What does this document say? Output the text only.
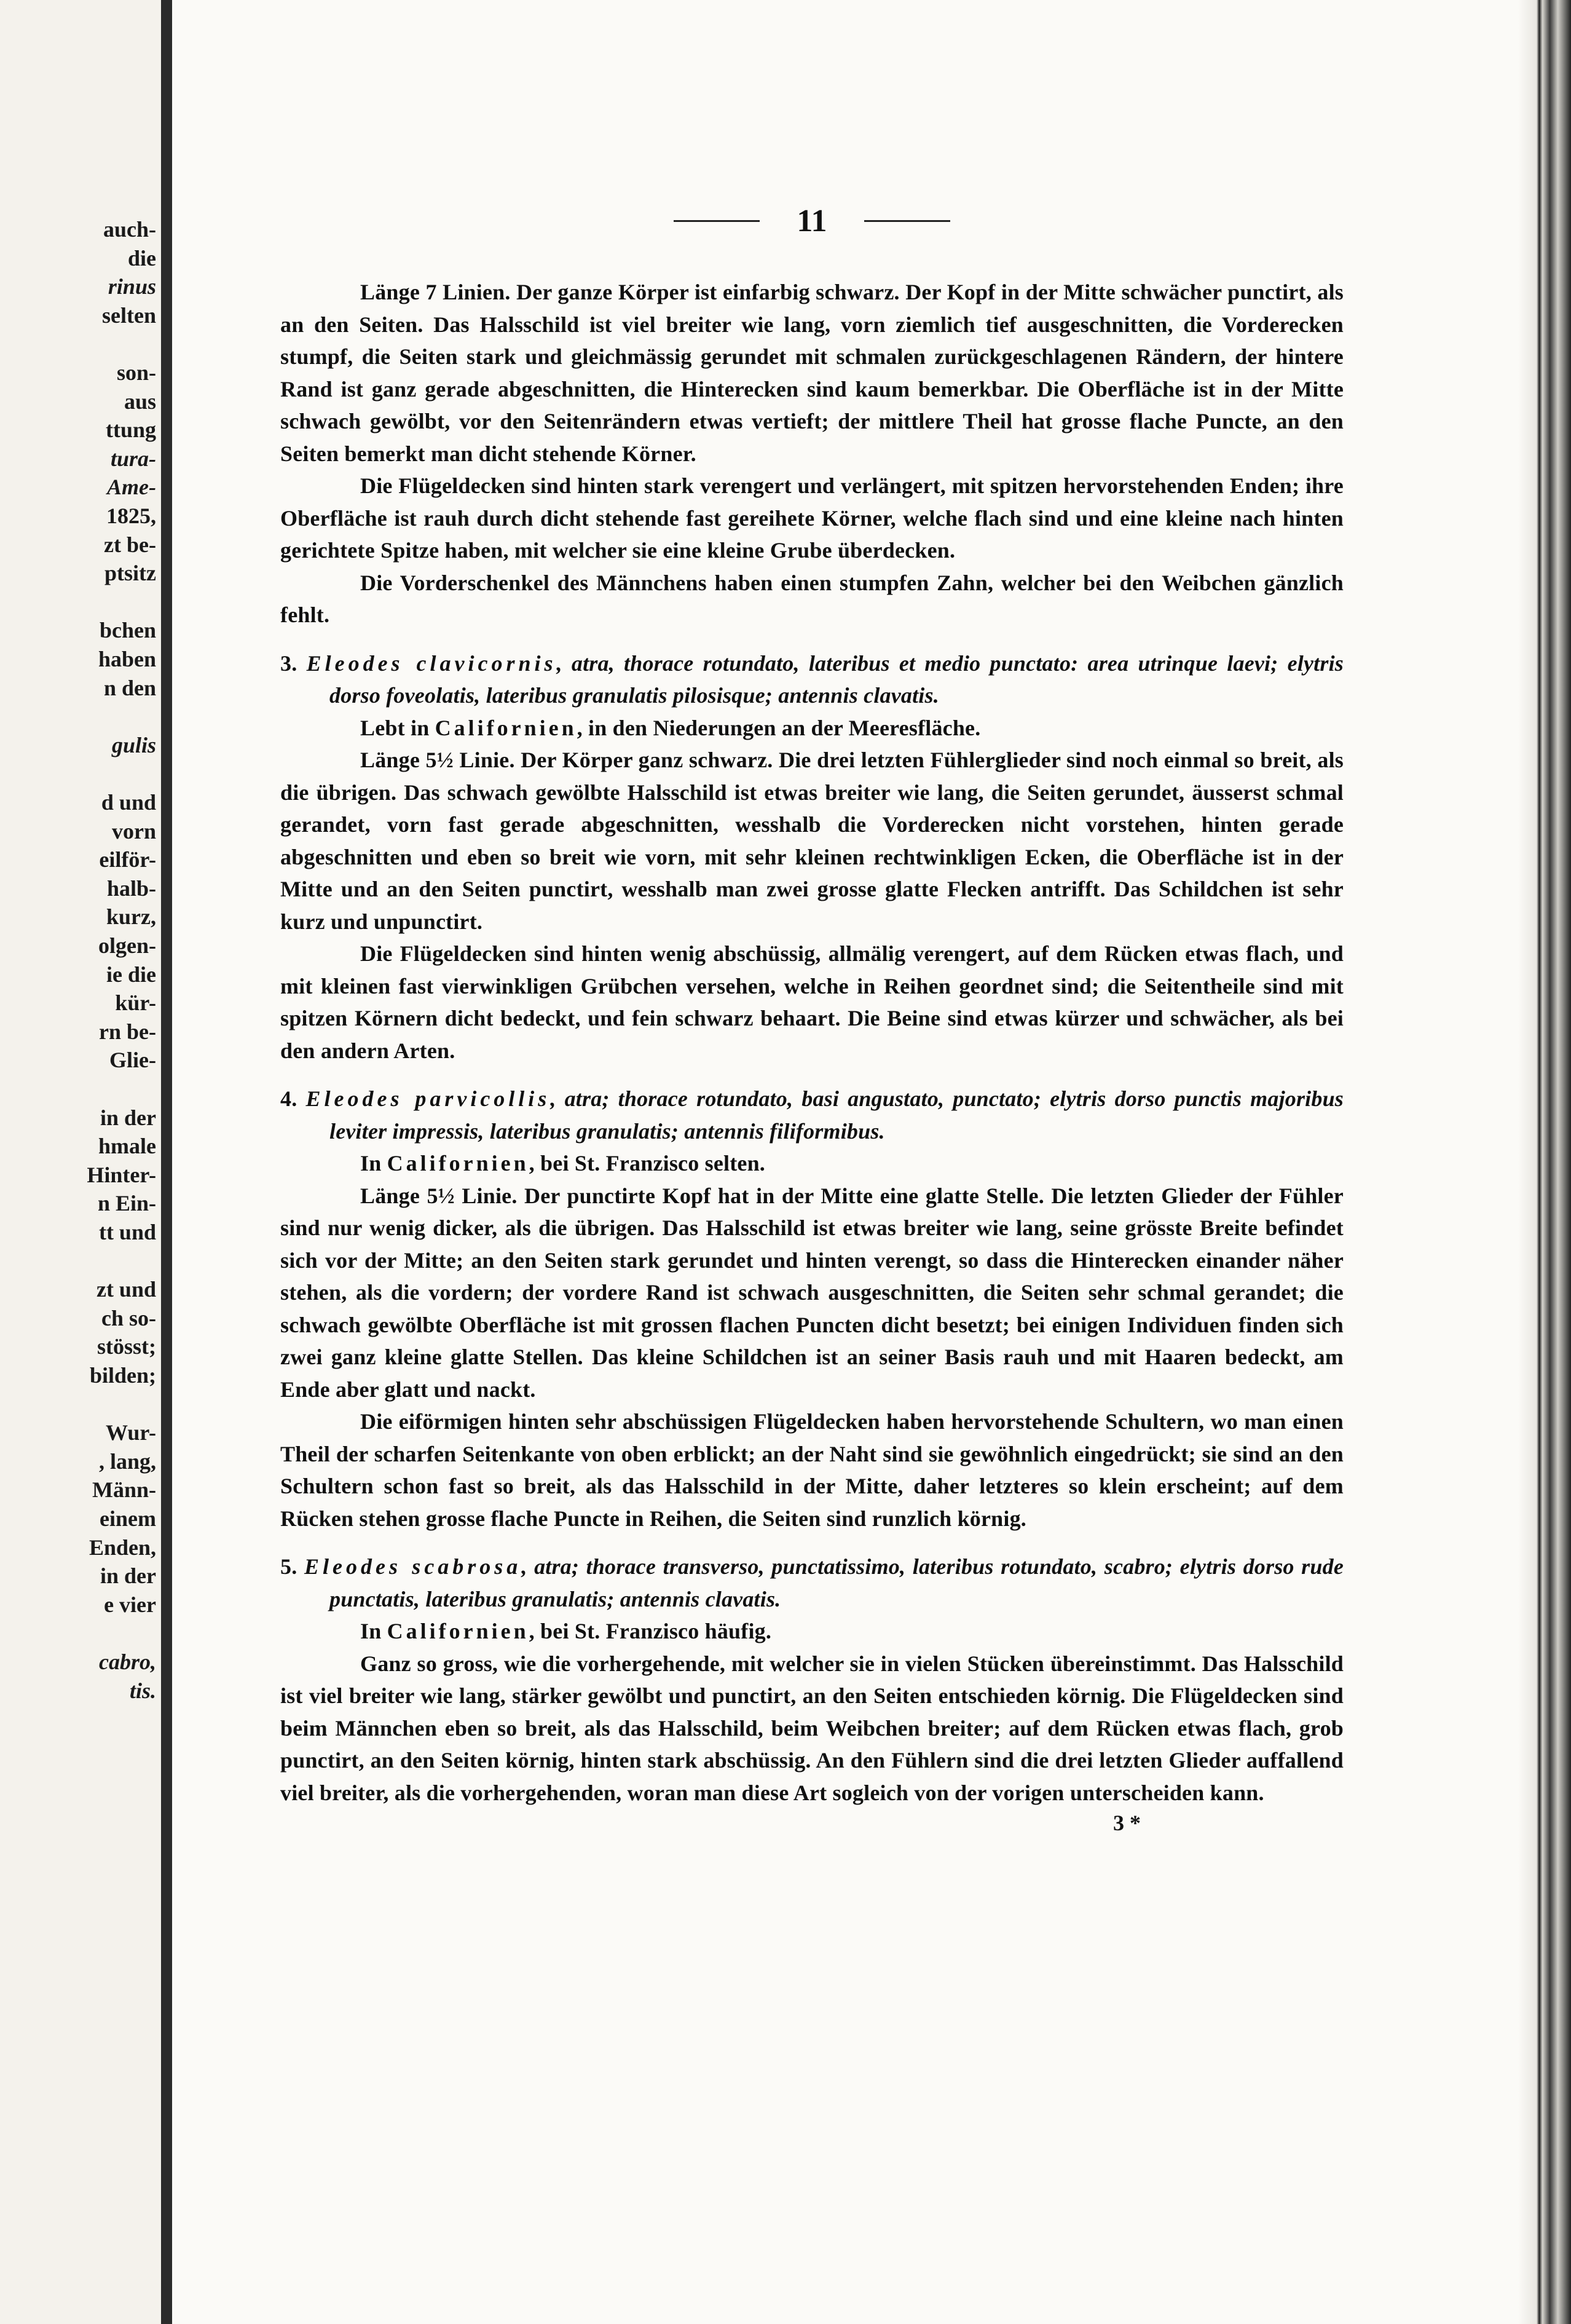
auch-
die
rinus
selten
son-
aus
ttung
tura-
Ame-
1825,
zt be-
ptsitz
bchen
haben
n den
gulis
d und
vorn
eilför-
halb-
kurz,
olgen-
ie die
kür-
rn be-
Glie-
in der
hmale
Hinter-
n Ein-
tt und
zt und
ch so-
stösst;
bilden;
Wur-
, lang,
Männ-
einem
Enden,
in der
e vier
cabro,
tis.
11

Länge 7 Linien. Der ganze Körper ist einfarbig schwarz. Der Kopf in der Mitte schwächer punctirt, als an den Seiten. Das Halsschild ist viel breiter wie lang, vorn ziemlich tief ausgeschnitten, die Vorderecken stumpf, die Seiten stark und gleichmässig gerundet mit schmalen zurückgeschlagenen Rändern, der hintere Rand ist ganz gerade abgeschnitten, die Hinterecken sind kaum bemerkbar. Die Oberfläche ist in der Mitte schwach gewölbt, vor den Seitenrändern etwas vertieft; der mittlere Theil hat grosse flache Puncte, an den Seiten bemerkt man dicht stehende Körner.

Die Flügeldecken sind hinten stark verengert und verlängert, mit spitzen hervorstehenden Enden; ihre Oberfläche ist rauh durch dicht stehende fast gereihete Körner, welche flach sind und eine kleine nach hinten gerichtete Spitze haben, mit welcher sie eine kleine Grube überdecken.

Die Vorderschenkel des Männchens haben einen stumpfen Zahn, welcher bei den Weibchen gänzlich fehlt.

3. Eleodes clavicornis, atra, thorace rotundato, lateribus et medio punctato: area utrinque laevi; elytris dorso foveolatis, lateribus granulatis pilosisque; antennis clavatis.

Lebt in Californien, in den Niederungen an der Meeresfläche.

Länge 5½ Linie. Der Körper ganz schwarz. Die drei letzten Fühlerglieder sind noch einmal so breit, als die übrigen. Das schwach gewölbte Halsschild ist etwas breiter wie lang, die Seiten gerundet, äusserst schmal gerandet, vorn fast gerade abgeschnitten, wesshalb die Vorderecken nicht vorstehen, hinten gerade abgeschnitten und eben so breit wie vorn, mit sehr kleinen rechtwinkligen Ecken, die Oberfläche ist in der Mitte und an den Seiten punctirt, wesshalb man zwei grosse glatte Flecken antrifft. Das Schildchen ist sehr kurz und unpunctirt.

Die Flügeldecken sind hinten wenig abschüssig, allmälig verengert, auf dem Rücken etwas flach, und mit kleinen fast vierwinkligen Grübchen versehen, welche in Reihen geordnet sind; die Seitentheile sind mit spitzen Körnern dicht bedeckt, und fein schwarz behaart. Die Beine sind etwas kürzer und schwächer, als bei den andern Arten.

4. Eleodes parvicollis, atra; thorace rotundato, basi angustato, punctato; elytris dorso punctis majoribus leviter impressis, lateribus granulatis; antennis filiformibus.

In Californien, bei St. Franzisco selten.

Länge 5½ Linie. Der punctirte Kopf hat in der Mitte eine glatte Stelle. Die letzten Glieder der Fühler sind nur wenig dicker, als die übrigen. Das Halsschild ist etwas breiter wie lang, seine grösste Breite befindet sich vor der Mitte; an den Seiten stark gerundet und hinten verengt, so dass die Hinterecken einander näher stehen, als die vordern; der vordere Rand ist schwach ausgeschnitten, die Seiten sehr schmal gerandet; die schwach gewölbte Oberfläche ist mit grossen flachen Puncten dicht besetzt; bei einigen Individuen finden sich zwei ganz kleine glatte Stellen. Das kleine Schildchen ist an seiner Basis rauh und mit Haaren bedeckt, am Ende aber glatt und nackt.

Die eiförmigen hinten sehr abschüssigen Flügeldecken haben hervorstehende Schultern, wo man einen Theil der scharfen Seitenkante von oben erblickt; an der Naht sind sie gewöhnlich eingedrückt; sie sind an den Schultern schon fast so breit, als das Halsschild in der Mitte, daher letzteres so klein erscheint; auf dem Rücken stehen grosse flache Puncte in Reihen, die Seiten sind runzlich körnig.

5. Eleodes scabrosa, atra; thorace transverso, punctatissimo, lateribus rotundato, scabro; elytris dorso rude punctatis, lateribus granulatis; antennis clavatis.

In Californien, bei St. Franzisco häufig.

Ganz so gross, wie die vorhergehende, mit welcher sie in vielen Stücken übereinstimmt. Das Halsschild ist viel breiter wie lang, stärker gewölbt und punctirt, an den Seiten entschieden körnig. Die Flügeldecken sind beim Männchen eben so breit, als das Halsschild, beim Weibchen breiter; auf dem Rücken etwas flach, grob punctirt, an den Seiten körnig, hinten stark abschüssig. An den Fühlern sind die drei letzten Glieder auffallend viel breiter, als die vorhergehenden, woran man diese Art sogleich von der vorigen unterscheiden kann.

3 *
